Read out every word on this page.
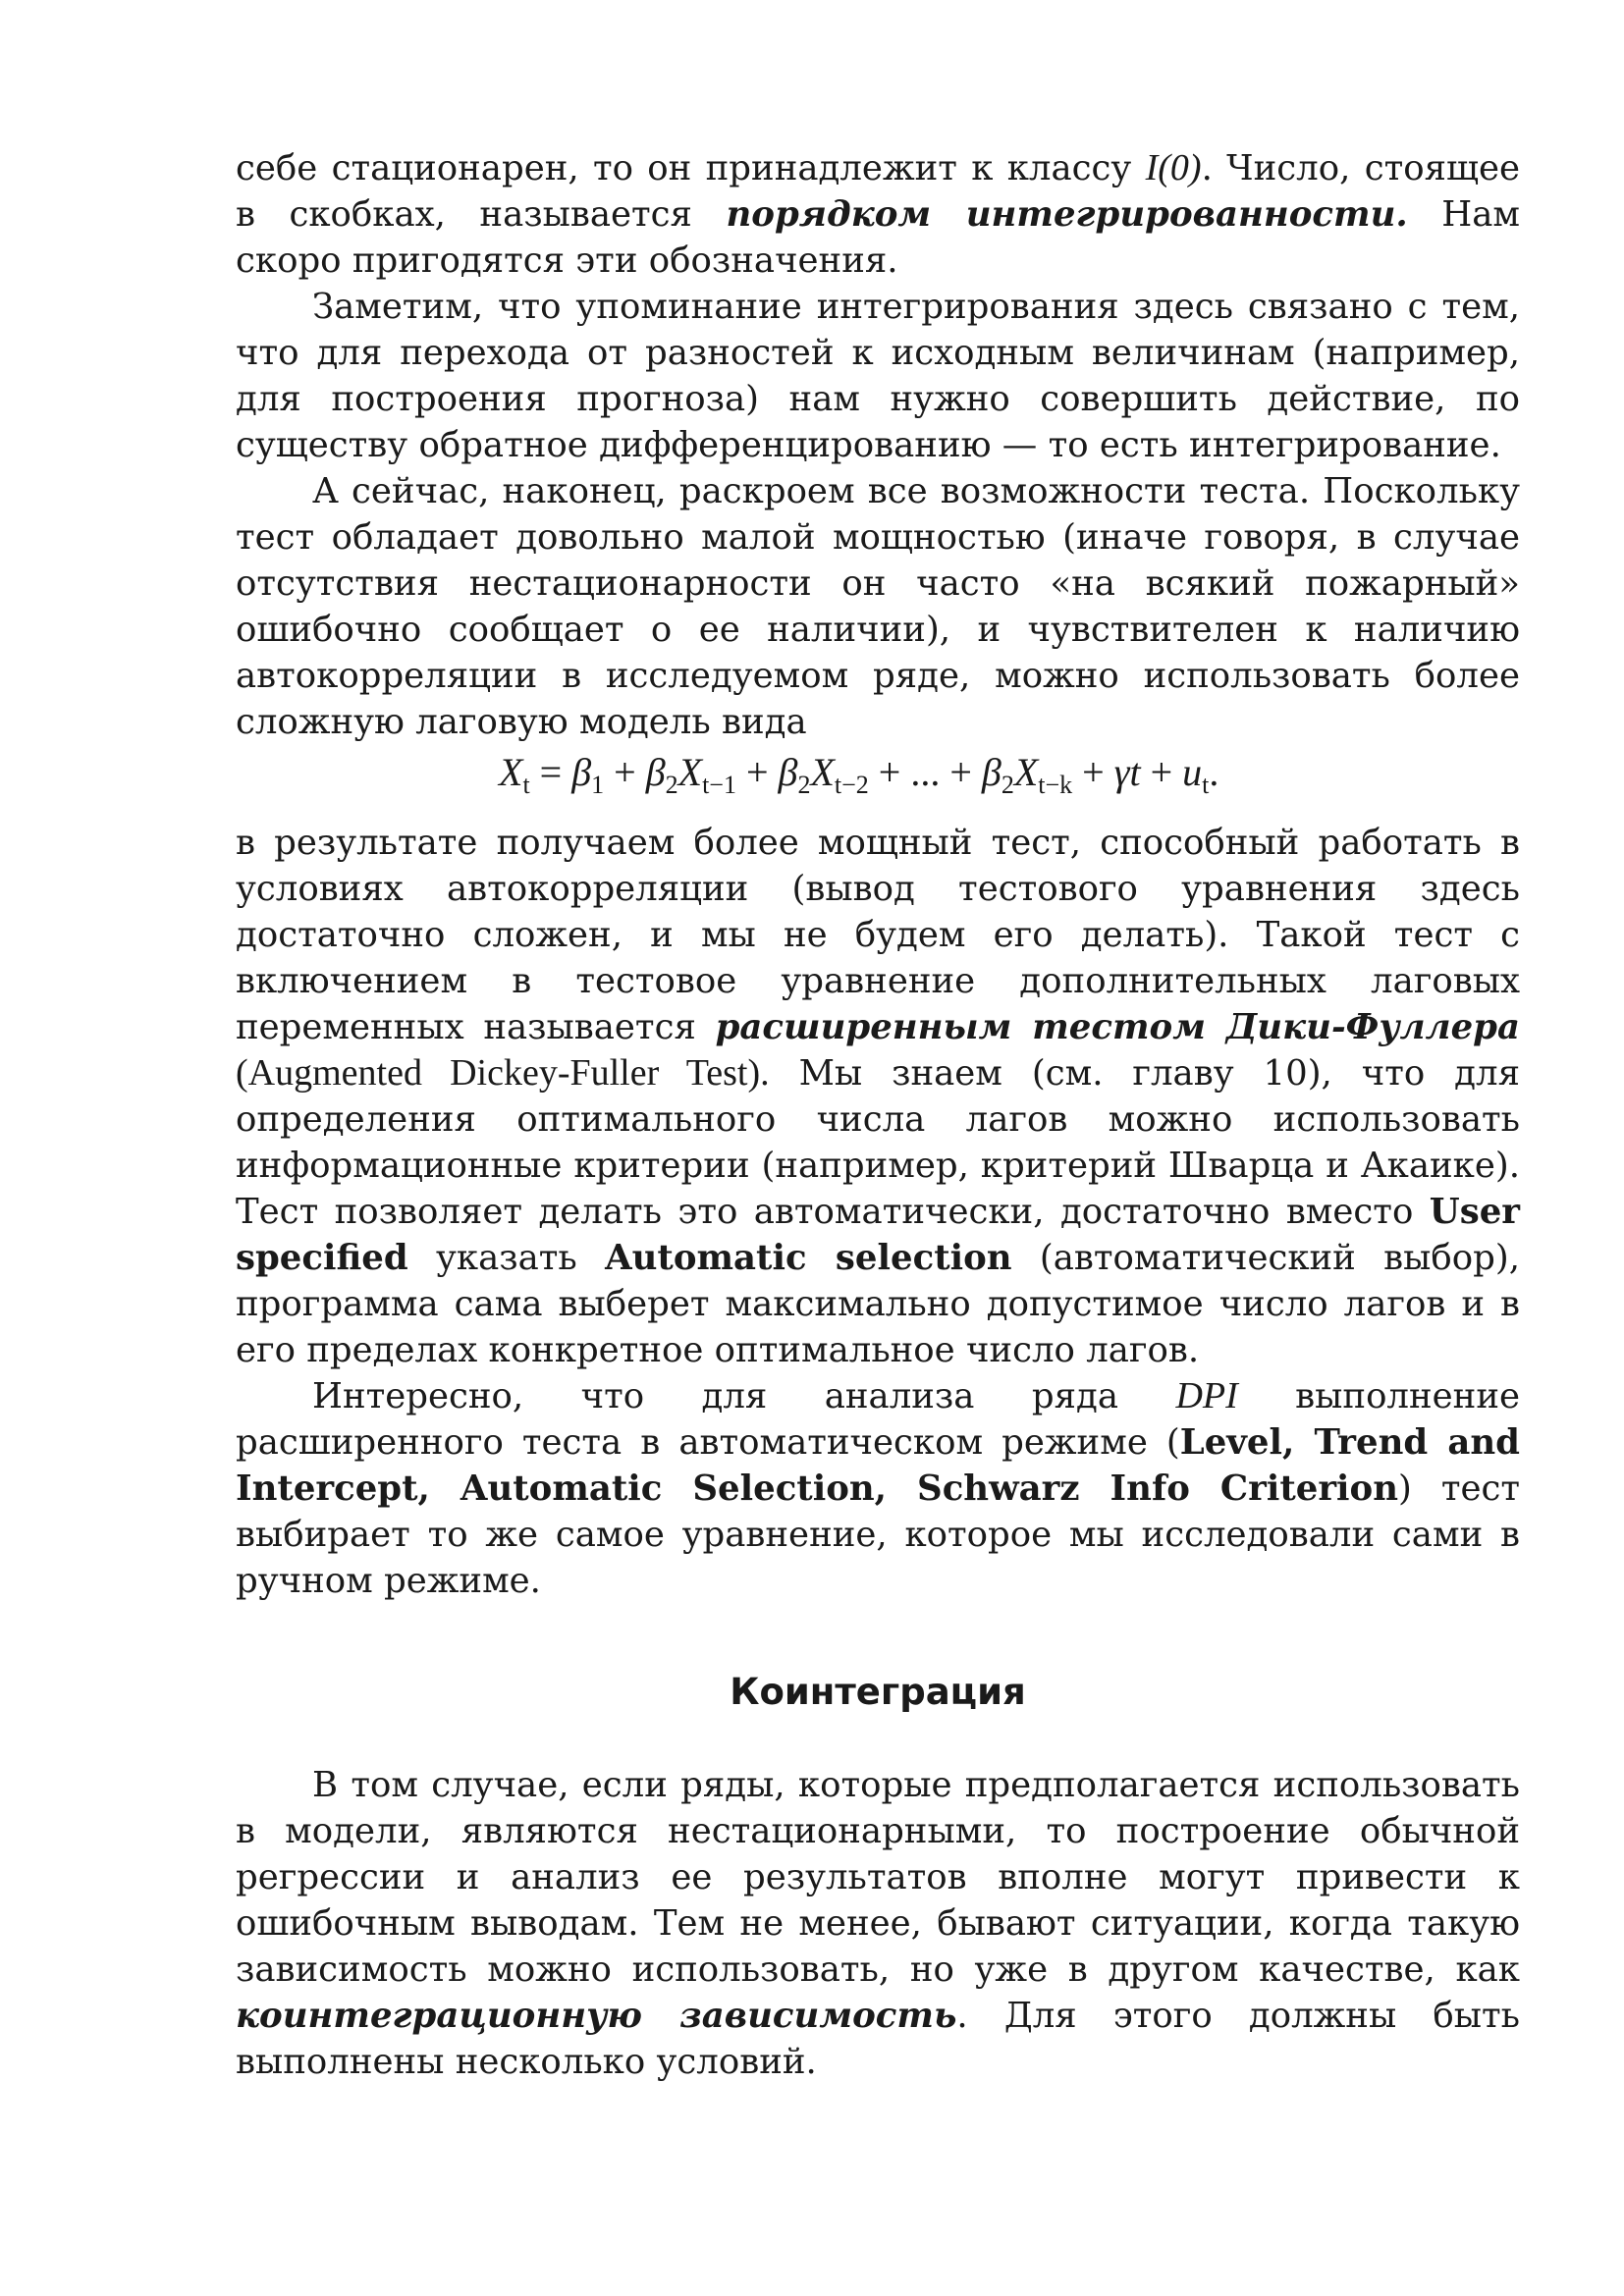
себе стационарен, то он принадлежит к классу I(0). Число, стоящее в скобках, называется порядком интегрированности. Нам скоро пригодятся эти обозначения.

Заметим, что упоминание интегрирования здесь связано с тем, что для перехода от разностей к исходным величинам (например, для построения прогноза) нам нужно совершить действие, по существу обратное дифференцированию — то есть интегрирование.

А сейчас, наконец, раскроем все возможности теста. Поскольку тест обладает довольно малой мощностью (иначе говоря, в случае отсутствия нестационарности он часто «на всякий пожарный» ошибочно сообщает о ее наличии), и чувствителен к наличию автокорреляции в исследуемом ряде, можно использовать более сложную лаговую модель вида

$X_t = \beta_1 + \beta_2X_{t-1} + \beta_2X_{t-2}$ + ... + $\beta_2X_{t-k} + \gamma t + u_t$.

в результате получаем более мощный тест, способный работать в условиях автокорреляции (вывод тестового уравнения здесь достаточно сложен, и мы не будем его делать). Такой тест с включением в тестовое уравнение дополнительных лаговых переменных называется расширенным тестом Дики-Фуллера (Augmented Dickey-Fuller Test). Мы знаем (см. главу 10), что для определения оптимального числа лагов можно использовать информационные критерии (например, критерий Шварца и Акаике). Тест позволяет делать это автоматически, достаточно вместо User specified указать Automatic selection (автоматический выбор), программа сама выберет максимально допустимое число лагов и в его пределах конкретное оптимальное число лагов.

Интересно, что для анализа ряда DPI выполнение расширенного теста в автоматическом режиме (Level, Trend and Intercept, Automatic Selection, Schwarz Info Criterion) тест выбирает то же самое уравнение, которое мы исследовали сами в ручном режиме.

Коинтеграция

В том случае, если ряды, которые предполагается использовать в модели, являются нестационарными, то построение обычной регрессии и анализ ее результатов вполне могут привести к ошибочным выводам. Тем не менее, бывают ситуации, когда такую зависимость можно использовать, но уже в другом качестве, как коинтеграционную зависимость. Для этого должны быть выполнены несколько условий.
